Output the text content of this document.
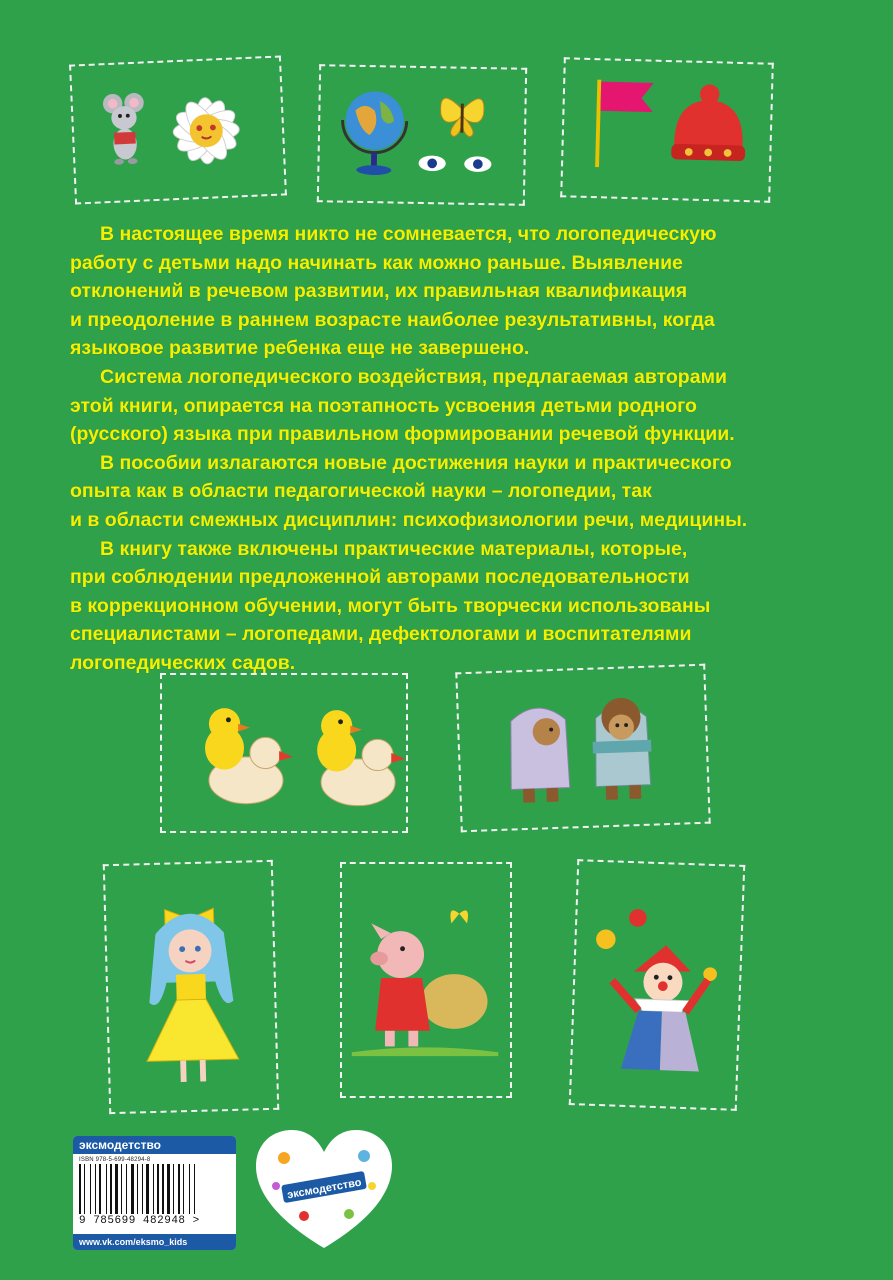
В настоящее время никто не сомневается, что логопедическую
работу с детьми надо начинать как можно раньше. Выявление
отклонений в речевом развитии, их правильная квалификация
и преодоление в раннем возрасте наиболее результативны, когда
языковое развитие ребенка еще не завершено.

Система логопедического воздействия, предлагаемая авторами
этой книги, опирается на поэтапность усвоения детьми родного
(русского) языка при правильном формировании речевой функции.

В пособии излагаются новые достижения науки и практического
опыта как в области педагогической науки – логопедии, так
и в области смежных дисциплин: психофизиологии речи, медицины.

В книгу также включены практические материалы, которые,
при соблюдении предложенной авторами последовательности
в коррекционном обучении, могут быть творчески использованы
специалистами – логопедами, дефектологами и воспитателями
логопедических садов.

эксмодетство
ISBN 978-5-699-48294-8
9 785699 482948 >
www.vk.com/eksmo_kids
эксмодетство
